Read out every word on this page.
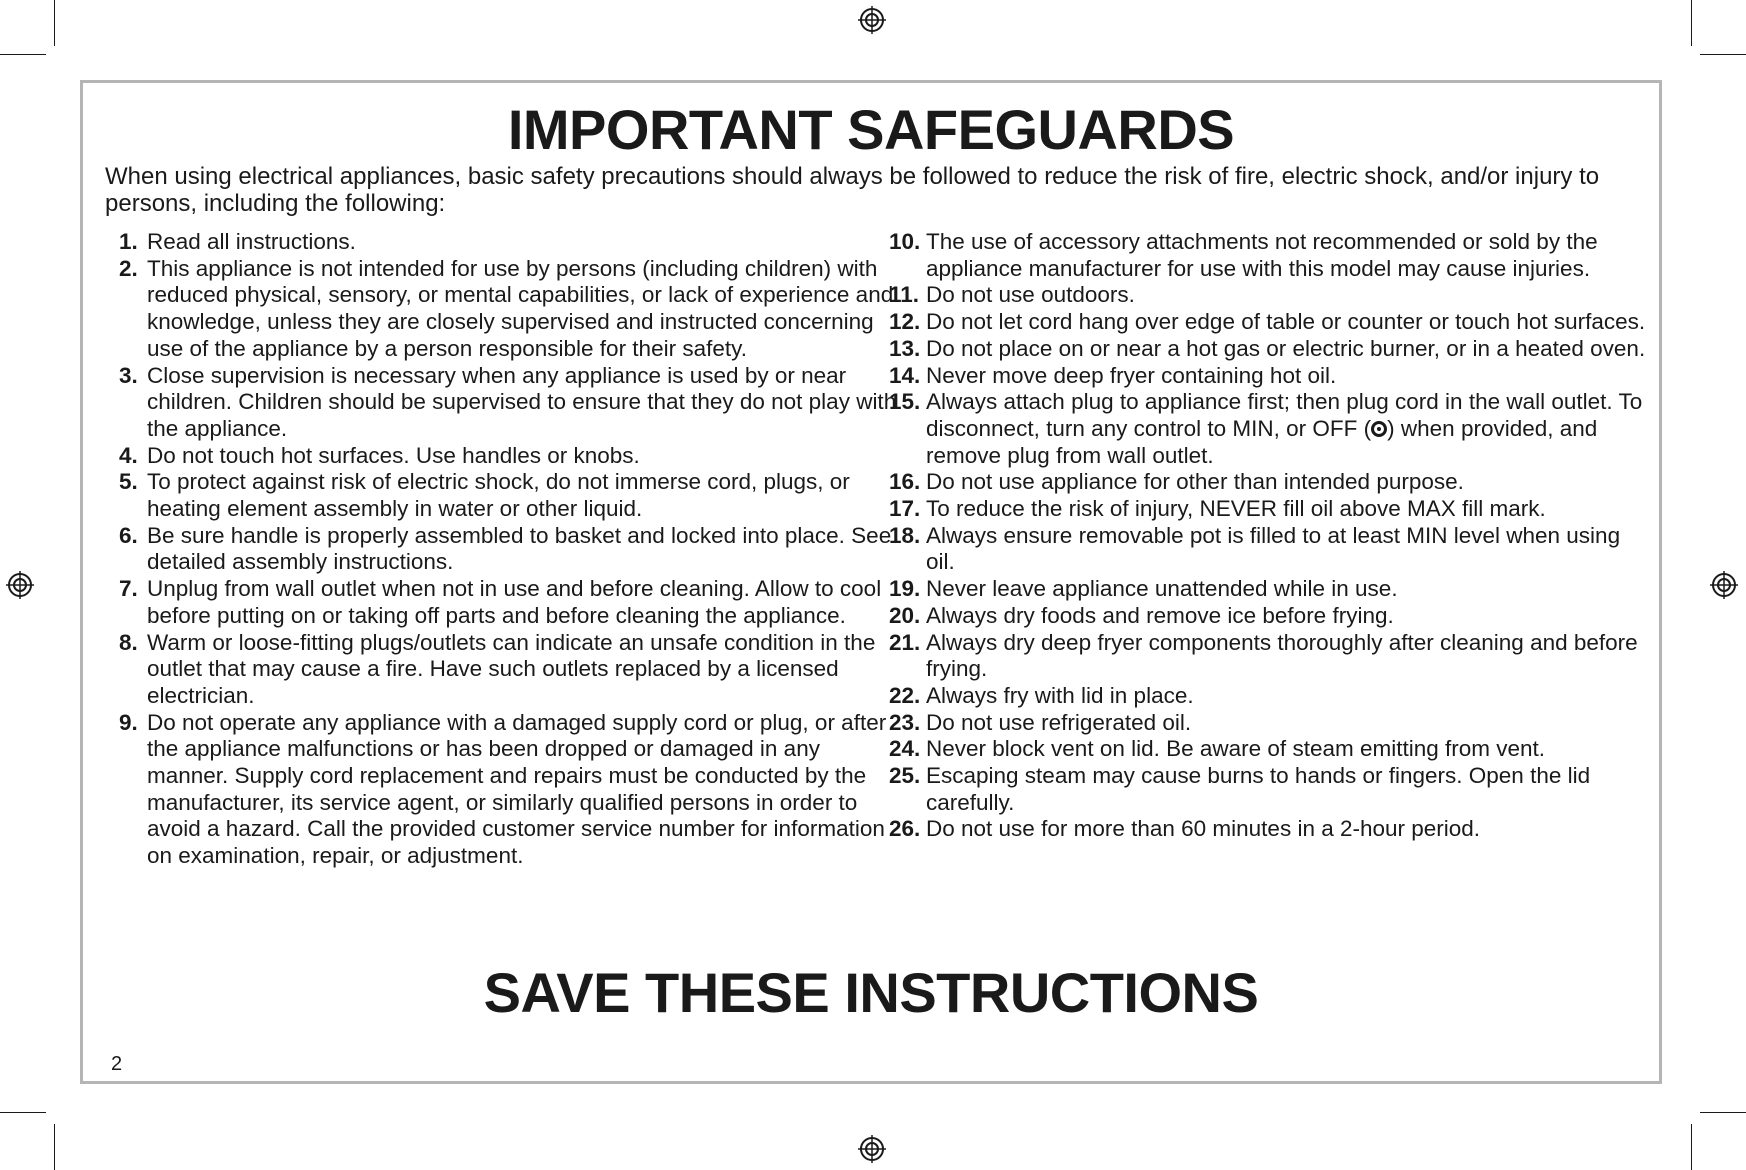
IMPORTANT SAFEGUARDS
When using electrical appliances, basic safety precautions should always be followed to reduce the risk of fire, electric shock, and/or injury to persons, including the following:
1. Read all instructions.
2. This appliance is not intended for use by persons (including children) with reduced physical, sensory, or mental capabilities, or lack of experience and knowledge, unless they are closely supervised and instructed concerning use of the appliance by a person responsible for their safety.
3. Close supervision is necessary when any appliance is used by or near children. Children should be supervised to ensure that they do not play with the appliance.
4. Do not touch hot surfaces. Use handles or knobs.
5. To protect against risk of electric shock, do not immerse cord, plugs, or heating element assembly in water or other liquid.
6. Be sure handle is properly assembled to basket and locked into place. See detailed assembly instructions.
7. Unplug from wall outlet when not in use and before cleaning. Allow to cool before putting on or taking off parts and before cleaning the appliance.
8. Warm or loose-fitting plugs/outlets can indicate an unsafe condition in the outlet that may cause a fire. Have such outlets replaced by a licensed electrician.
9. Do not operate any appliance with a damaged supply cord or plug, or after the appliance malfunctions or has been dropped or damaged in any manner. Supply cord replacement and repairs must be conducted by the manufacturer, its service agent, or similarly qualified persons in order to avoid a hazard. Call the provided customer service number for information on examination, repair, or adjustment.
10. The use of accessory attachments not recommended or sold by the appliance manufacturer for use with this model may cause injuries.
11. Do not use outdoors.
12. Do not let cord hang over edge of table or counter or touch hot surfaces.
13. Do not place on or near a hot gas or electric burner, or in a heated oven.
14. Never move deep fryer containing hot oil.
15. Always attach plug to appliance first; then plug cord in the wall outlet. To disconnect, turn any control to MIN, or OFF ( ) when provided, and remove plug from wall outlet.
16. Do not use appliance for other than intended purpose.
17. To reduce the risk of injury, NEVER fill oil above MAX fill mark.
18. Always ensure removable pot is filled to at least MIN level when using oil.
19. Never leave appliance unattended while in use.
20. Always dry foods and remove ice before frying.
21. Always dry deep fryer components thoroughly after cleaning and before frying.
22. Always fry with lid in place.
23. Do not use refrigerated oil.
24. Never block vent on lid. Be aware of steam emitting from vent.
25. Escaping steam may cause burns to hands or fingers. Open the lid carefully.
26. Do not use for more than 60 minutes in a 2-hour period.
SAVE THESE INSTRUCTIONS
2
